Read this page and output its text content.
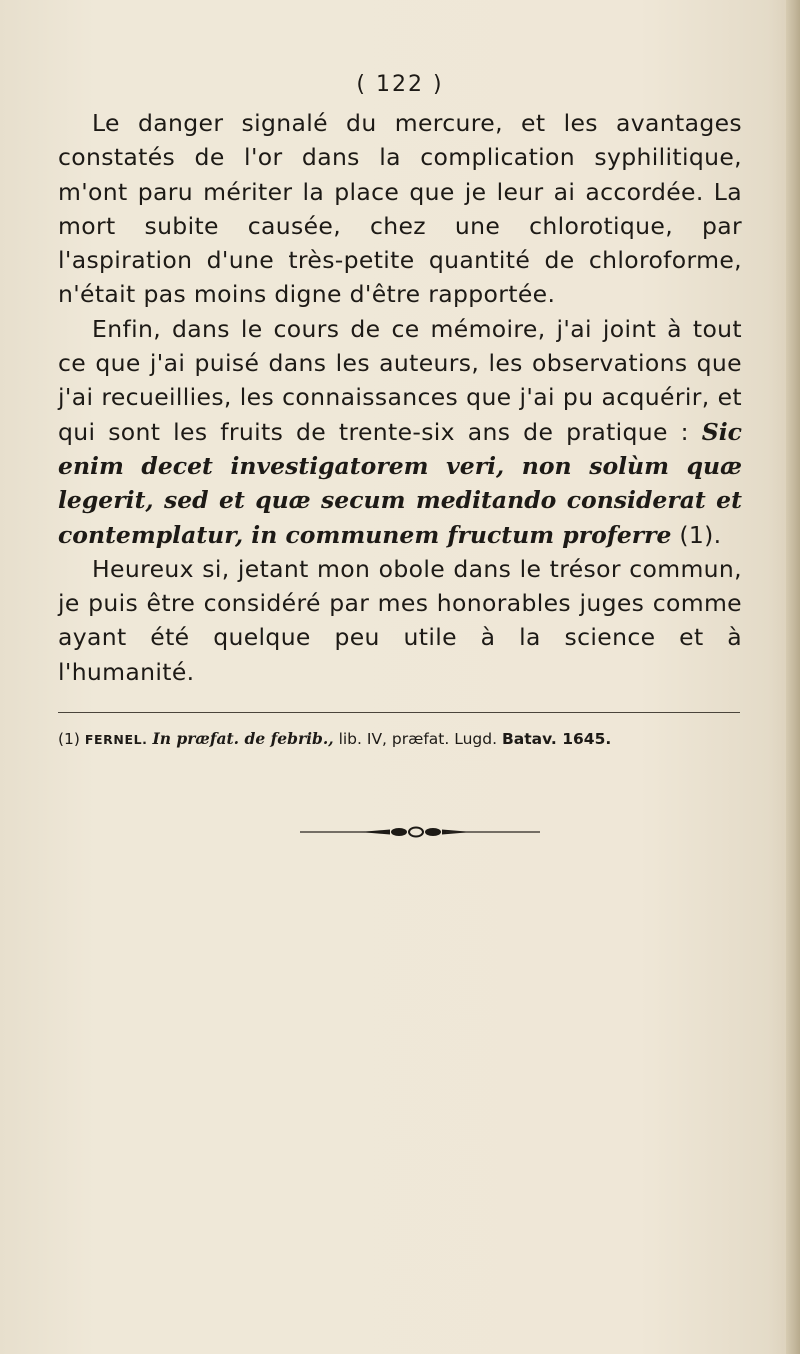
( 122 )

Le danger signalé du mercure, et les avantages constatés de l'or dans la complication syphilitique, m'ont paru mériter la place que je leur ai accordée. La mort subite causée, chez une chlorotique, par l'aspiration d'une très-petite quantité de chloroforme, n'était pas moins digne d'être rapportée.

Enfin, dans le cours de ce mémoire, j'ai joint à tout ce que j'ai puisé dans les auteurs, les observations que j'ai recueillies, les connaissances que j'ai pu acquérir, et qui sont les fruits de trente-six ans de pratique : Sic enim decet investigatorem veri, non solùm quæ legerit, sed et quæ secum meditando considerat et contemplatur, in communem fructum proferre (1).

Heureux si, jetant mon obole dans le trésor commun, je puis être considéré par mes honorables juges comme ayant été quelque peu utile à la science et à l'humanité.

(1) FERNEL. In præfat. de febrib., lib. IV, præfat. Lugd. Batav. 1645.
